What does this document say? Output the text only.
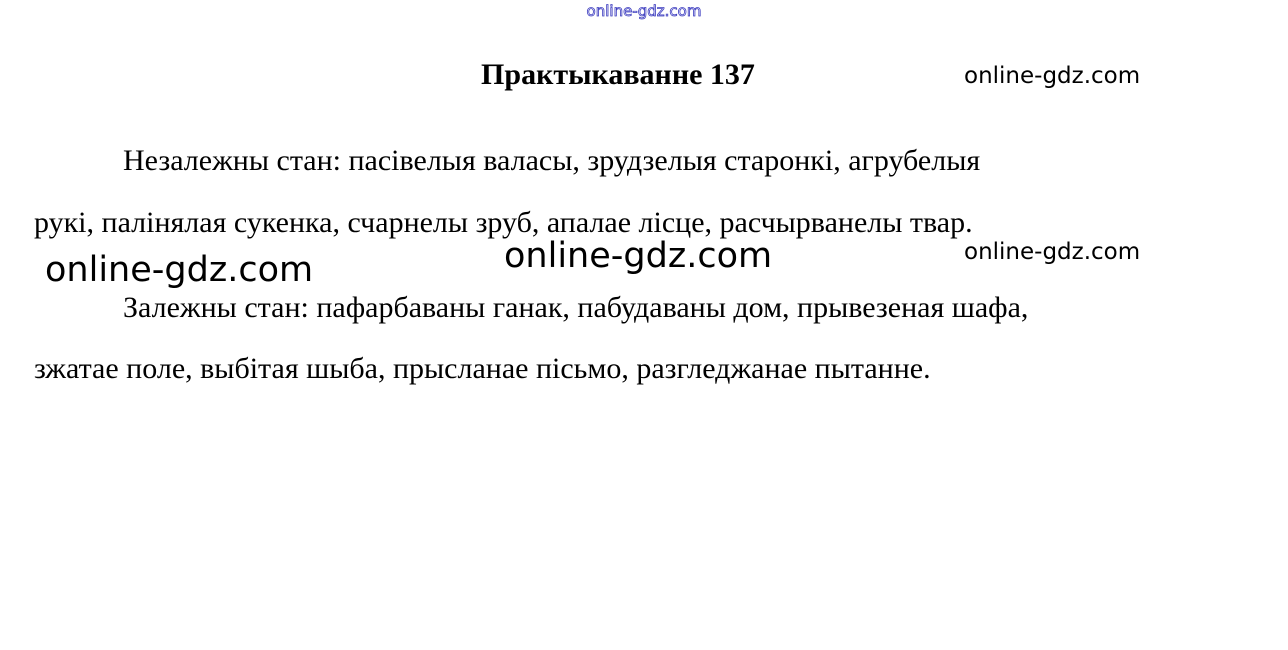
online-gdz.com
Практыкаванне 137	online-gdz.com

Незалежны стан: пасівелыя валасы, зрудзелыя старонкі, агрубелыя

рукі, палінялая сукенка, счарнелы зруб, апалае лісце, расчырванелы твар.

online-gdz.com
online-gdz.com
online-gdz.com

Залежны стан: пафарбаваны ганак, пабудаваны дом, прывезеная шафа,

зжатае поле, выбітая шыба, прысланае пісьмо, разгледжанае пытанне.
